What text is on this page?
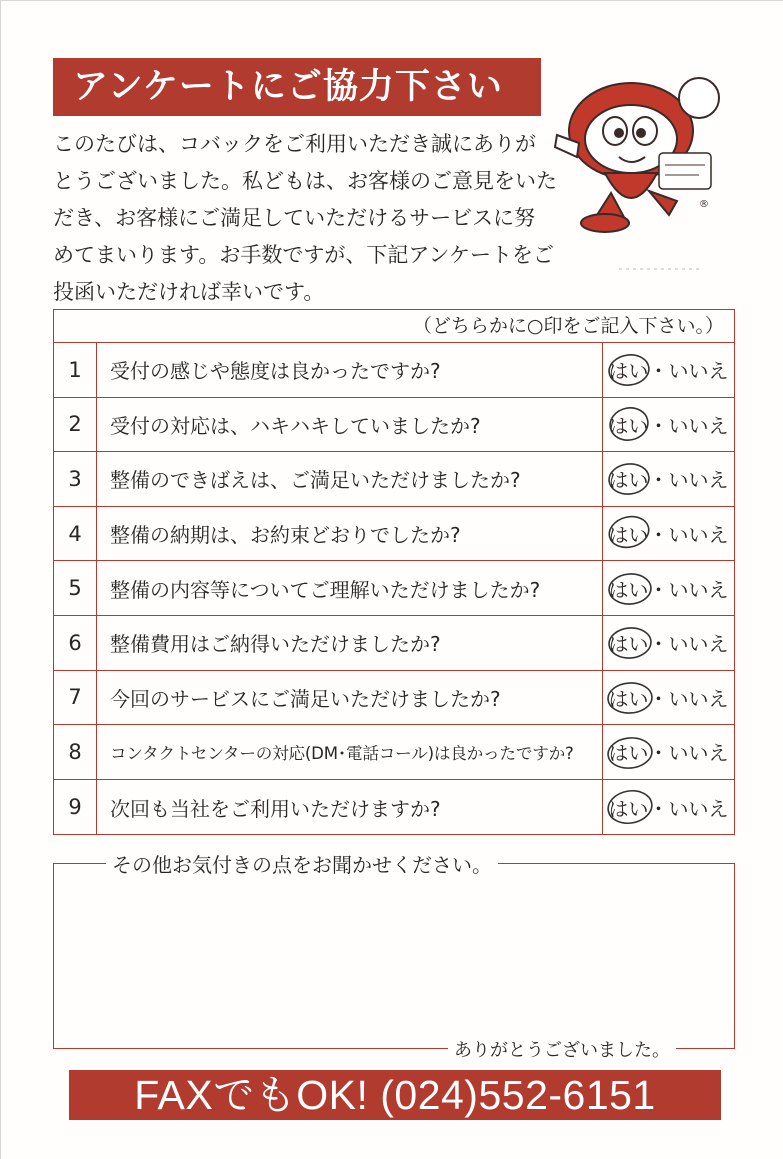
アンケートにご協力下さい
このたびは、コバックをご利用いただき誠にありが
とうございました。私どもは、お客様のご意見をいた
だき、お客様にご満足していただけるサービスに努
めてまいります。お手数ですが、下記アンケートをご
投函いただければ幸いです。
®
（どちらかに○印をご記入下さい。）
1	受付の感じや態度は良かったですか?	はい ・ いいえ
2	受付の対応は、ハキハキしていましたか?	はい ・ いいえ
3	整備のできばえは、ご満足いただけましたか?	はい ・ いいえ
4	整備の納期は、お約束どおりでしたか?	はい ・ いいえ
5	整備の内容等についてご理解いただけましたか?	はい ・ いいえ
6	整備費用はご納得いただけましたか?	はい ・ いいえ
7	今回のサービスにご満足いただけましたか?	はい ・ いいえ
8	コンタクトセンターの対応(DM･電話コール)は良かったですか? はい ・ いいえ
9	次回も当社をご利用いただけますか?	はい ・ いいえ
その他お気付きの点をお聞かせください。
ありがとうございました。
FAXでもOK! (024)552-6151
